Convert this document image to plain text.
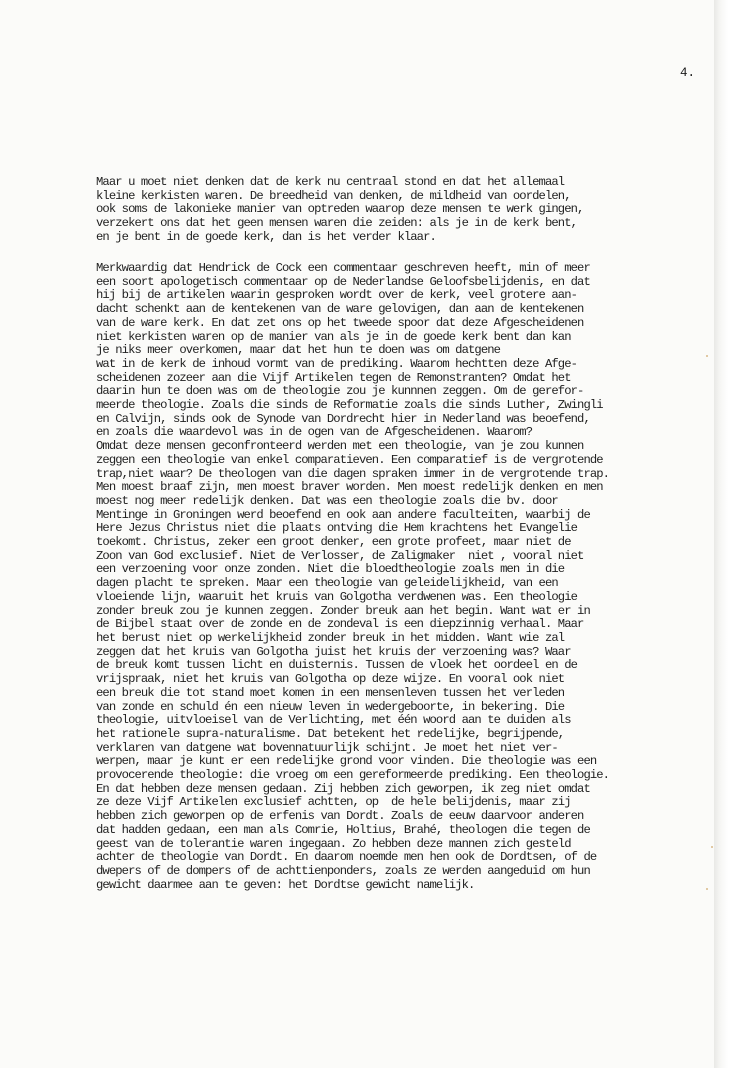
4.
Maar u moet niet denken dat de kerk nu centraal stond en dat het allemaal
kleine kerkisten waren. De breedheid van denken, de mildheid van oordelen,
ook soms de lakonieke manier van optreden waarop deze mensen te werk gingen,
verzekert ons dat het geen mensen waren die zeiden: als je in de kerk bent,
en je bent in de goede kerk, dan is het verder klaar.
Merkwaardig dat Hendrick de Cock een commentaar geschreven heeft, min of meer
een soort apologetisch commentaar op de Nederlandse Geloofsbelijdenis, en dat
hij bij de artikelen waarin gesproken wordt over de kerk, veel grotere aan-
dacht schenkt aan de kentekenen van de ware gelovigen, dan aan de kentekenen
van de ware kerk. En dat zet ons op het tweede spoor dat deze Afgescheidenen
niet kerkisten waren op de manier van als je in de goede kerk bent dan kan
je niks meer overkomen, maar dat het hun te doen was om datgene
wat in de kerk de inhoud vormt van de prediking. Waarom hechtten deze Afge-
scheidenen zozeer aan die Vijf Artikelen tegen de Remonstranten? Omdat het
daarin hun te doen was om de theologie zou je kunnnen zeggen. Om de gerefor-
meerde theologie. Zoals die sinds de Reformatie zoals die sinds Luther, Zwingli
en Calvijn, sinds ook de Synode van Dordrecht hier in Nederland was beoefend,
en zoals die waardevol was in de ogen van de Afgescheidenen. Waarom?
Omdat deze mensen geconfronteerd werden met een theologie, van je zou kunnen
zeggen een theologie van enkel comparatieven. Een comparatief is de vergrotende
trap,niet waar? De theologen van die dagen spraken immer in de vergrotende trap.
Men moest braaf zijn, men moest braver worden. Men moest redelijk denken en men
moest nog meer redelijk denken. Dat was een theologie zoals die bv. door
Mentinge in Groningen werd beoefend en ook aan andere faculteiten, waarbij de
Here Jezus Christus niet die plaats ontving die Hem krachtens het Evangelie
toekomt. Christus, zeker een groot denker, een grote profeet, maar niet de
Zoon van God exclusief. Niet de Verlosser, de Zaligmaker  niet , vooral niet
een verzoening voor onze zonden. Niet die bloedtheologie zoals men in die
dagen placht te spreken. Maar een theologie van geleidelijkheid, van een
vloeiende lijn, waaruit het kruis van Golgotha verdwenen was. Een theologie
zonder breuk zou je kunnen zeggen. Zonder breuk aan het begin. Want wat er in
de Bijbel staat over de zonde en de zondeval is een diepzinnig verhaal. Maar
het berust niet op werkelijkheid zonder breuk in het midden. Want wie zal
zeggen dat het kruis van Golgotha juist het kruis der verzoening was? Waar
de breuk komt tussen licht en duisternis. Tussen de vloek het oordeel en de
vrijspraak, niet het kruis van Golgotha op deze wijze. En vooral ook niet
een breuk die tot stand moet komen in een mensenleven tussen het verleden
van zonde en schuld én een nieuw leven in wedergeboorte, in bekering. Die
theologie, uitvloeisel van de Verlichting, met één woord aan te duiden als
het rationele supra-naturalisme. Dat betekent het redelijke, begrijpende,
verklaren van datgene wat bovennatuurlijk schijnt. Je moet het niet ver-
werpen, maar je kunt er een redelijke grond voor vinden. Die theologie was een
provocerende theologie: die vroeg om een gereformeerde prediking. Een theologie.
En dat hebben deze mensen gedaan. Zij hebben zich geworpen, ik zeg niet omdat
ze deze Vijf Artikelen exclusief achtten, op  de hele belijdenis, maar zij
hebben zich geworpen op de erfenis van Dordt. Zoals de eeuw daarvoor anderen
dat hadden gedaan, een man als Comrie, Holtius, Brahé, theologen die tegen de
geest van de tolerantie waren ingegaan. Zo hebben deze mannen zich gesteld
achter de theologie van Dordt. En daarom noemde men hen ook de Dordtsen, of de
dwepers of de dompers of de achttienponders, zoals ze werden aangeduid om hun
gewicht daarmee aan te geven: het Dordtse gewicht namelijk.
